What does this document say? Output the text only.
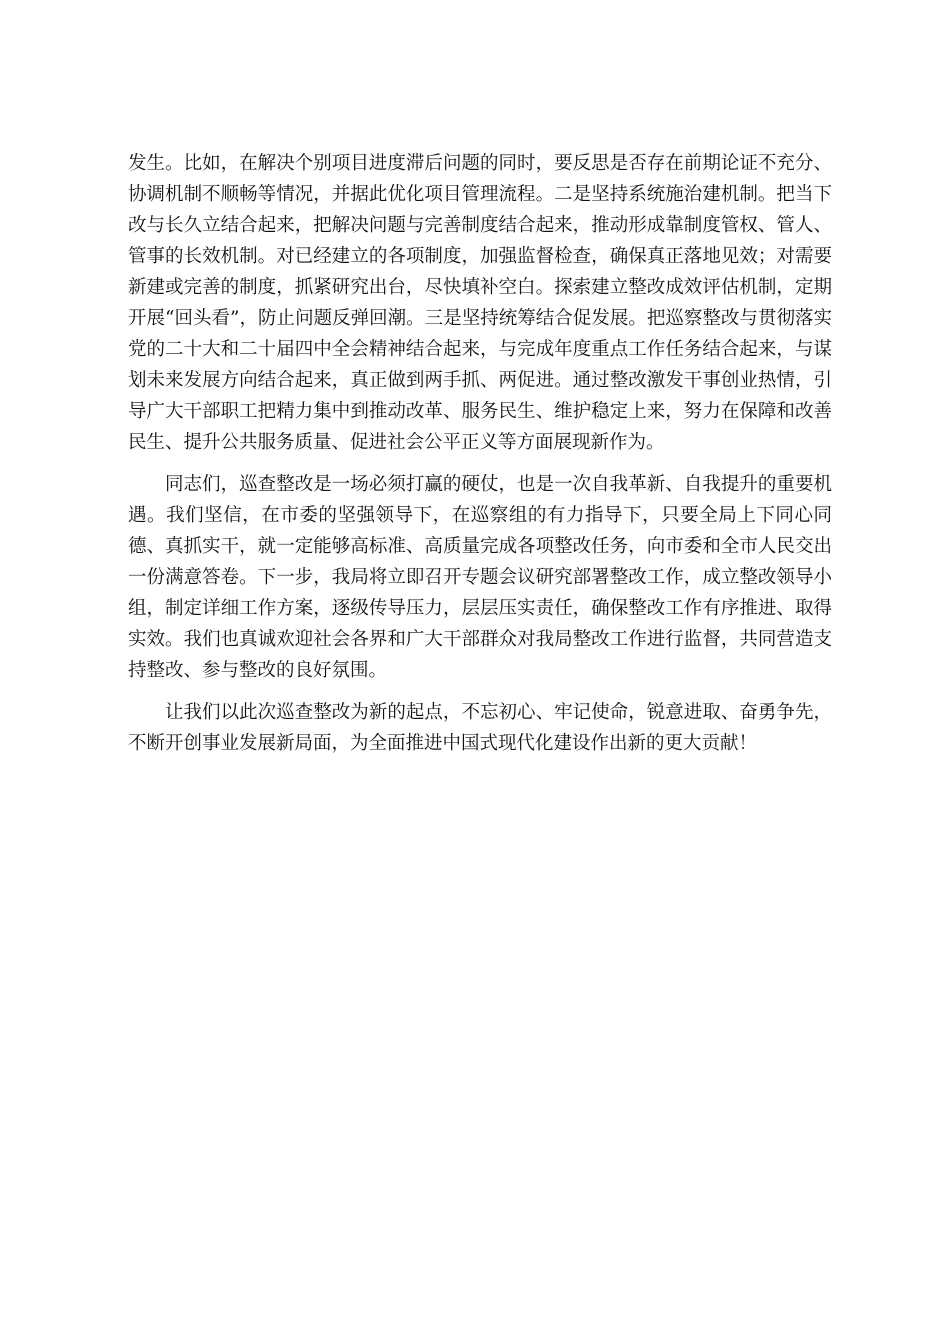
发生。比如，在解决个别项目进度滞后问题的同时，要反思是否存在前期论证不充分、协调机制不顺畅等情况，并据此优化项目管理流程。二是坚持系统施治建机制。把当下改与长久立结合起来，把解决问题与完善制度结合起来，推动形成靠制度管权、管人、管事的长效机制。对已经建立的各项制度，加强监督检查，确保真正落地见效；对需要新建或完善的制度，抓紧研究出台，尽快填补空白。探索建立整改成效评估机制，定期开展“回头看”，防止问题反弹回潮。三是坚持统筹结合促发展。把巡察整改与贯彻落实党的二十大和二十届四中全会精神结合起来，与完成年度重点工作任务结合起来，与谋划未来发展方向结合起来，真正做到两手抓、两促进。通过整改激发干事创业热情，引导广大干部职工把精力集中到推动改革、服务民生、维护稳定上来，努力在保障和改善民生、提升公共服务质量、促进社会公平正义等方面展现新作为。

同志们，巡查整改是一场必须打赢的硬仗，也是一次自我革新、自我提升的重要机遇。我们坚信，在市委的坚强领导下，在巡察组的有力指导下，只要全局上下同心同德、真抓实干，就一定能够高标准、高质量完成各项整改任务，向市委和全市人民交出一份满意答卷。下一步，我局将立即召开专题会议研究部署整改工作，成立整改领导小组，制定详细工作方案，逐级传导压力，层层压实责任，确保整改工作有序推进、取得实效。我们也真诚欢迎社会各界和广大干部群众对我局整改工作进行监督，共同营造支持整改、参与整改的良好氛围。

让我们以此次巡查整改为新的起点，不忘初心、牢记使命，锐意进取、奋勇争先，不断开创事业发展新局面，为全面推进中国式现代化建设作出新的更大贡献！
